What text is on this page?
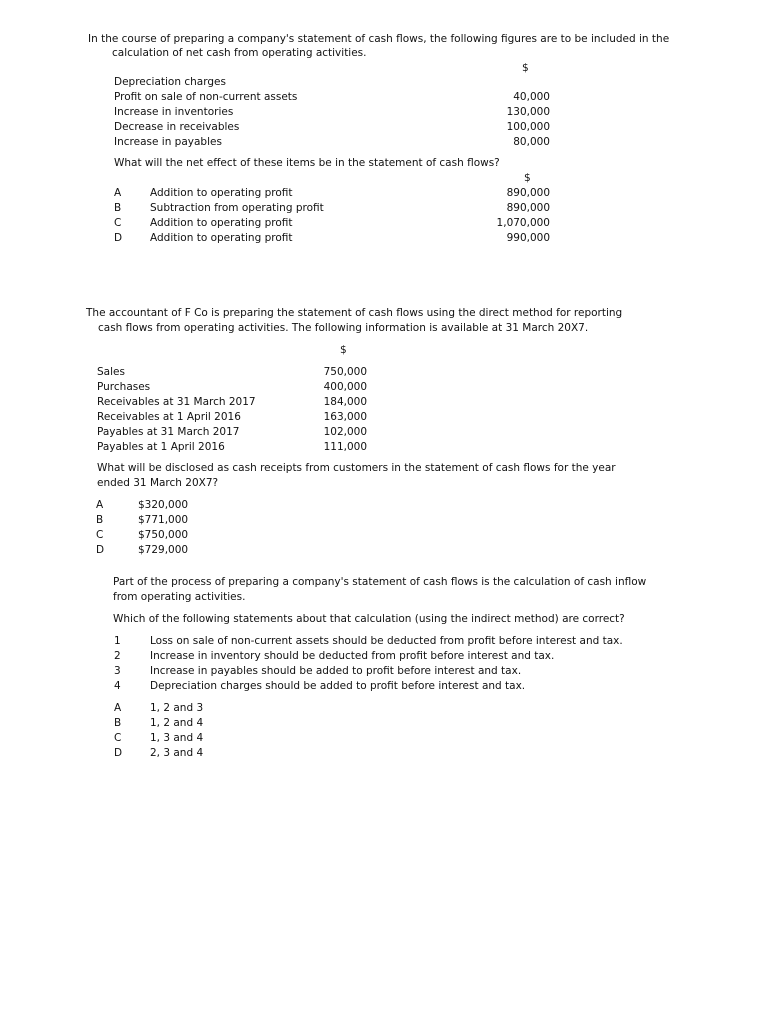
In the course of preparing a company's statement of cash flows, the following figures are to be included in the
calculation of net cash from operating activities.
$
Depreciation charges
Profit on sale of non-current assets	40,000
Increase in inventories	130,000
Decrease in receivables	100,000
Increase in payables	80,000
What will the net effect of these items be in the statement of cash flows?
$
A	Addition to operating profit	890,000
B	Subtraction from operating profit	890,000
C	Addition to operating profit	1,070,000
D	Addition to operating profit	990,000
The accountant of F Co is preparing the statement of cash flows using the direct method for reporting
cash flows from operating activities. The following information is available at 31 March 20X7.
$
Sales	750,000
Purchases	400,000
Receivables at 31 March 2017	184,000
Receivables at 1 April 2016	163,000
Payables at 31 March 2017	102,000
Payables at 1 April 2016	111,000
What will be disclosed as cash receipts from customers in the statement of cash flows for the year
ended 31 March 20X7?
A	$320,000
B	$771,000
C	$750,000
D	$729,000
Part of the process of preparing a company's statement of cash flows is the calculation of cash inflow
from operating activities.
Which of the following statements about that calculation (using the indirect method) are correct?
1	Loss on sale of non-current assets should be deducted from profit before interest and tax.
2	Increase in inventory should be deducted from profit before interest and tax.
3	Increase in payables should be added to profit before interest and tax.
4	Depreciation charges should be added to profit before interest and tax.
A	1, 2 and 3
B	1, 2 and 4
C	1, 3 and 4
D	2, 3 and 4
